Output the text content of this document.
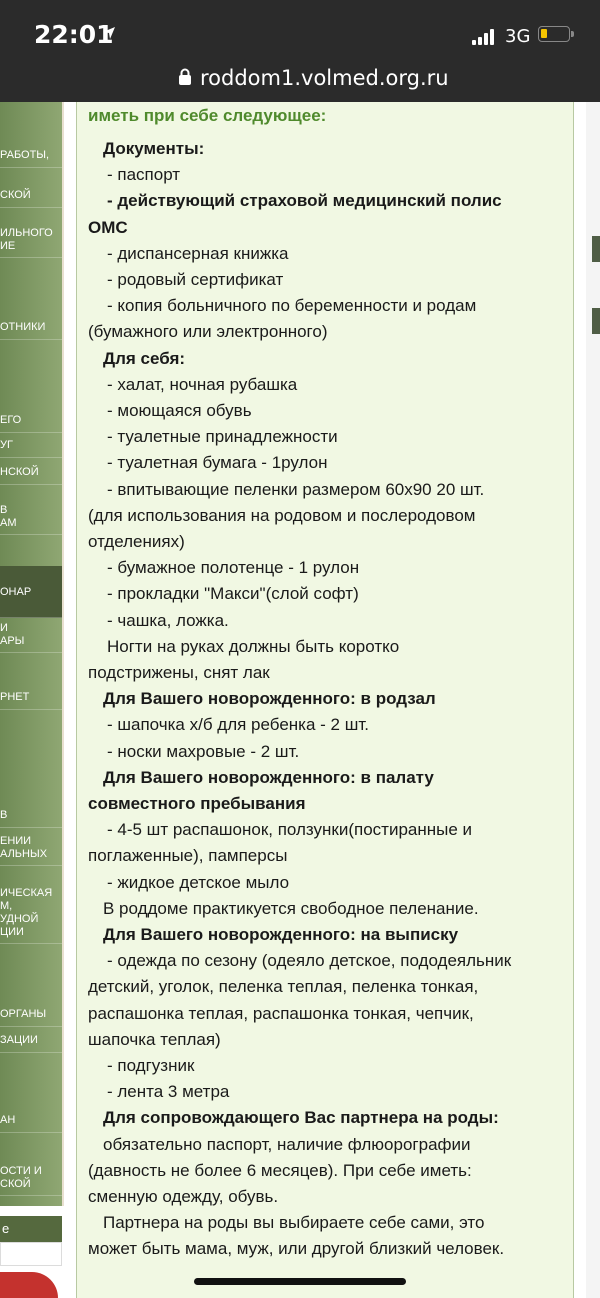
22:01	3G
roddom1.volmed.org.ru
РАБОТЫ,
СКОЙ
ИЛЬНОГО
ИЕ
ОТНИКИ
ЕГО
УГ
НСКОЙ
В
АМ
ОНАР
И
АРЫ
РНЕТ
В
ЕНИИ
АЛЬНЫХ
ИЧЕСКАЯ
М,
УДНОЙ
ЦИИ
ОРГАНЫ
ЗАЦИИ
АН
ОСТИ И
СКОЙ
е
иметь при себе следующее:
Документы:
- паспорт
- действующий страховой медицинский полис
ОМС
- диспансерная книжка
- родовый сертификат
- копия больничного по беременности и родам
(бумажного или электронного)
Для себя:
- халат, ночная рубашка
- моющаяся обувь
- туалетные принадлежности
- туалетная бумага - 1рулон
- впитывающие пеленки размером 60х90 20 шт.
(для использования на родовом и послеродовом
отделениях)
- бумажное полотенце - 1 рулон
- прокладки "Макси"(слой софт)
- чашка, ложка.
Ногти на руках должны быть коротко
подстрижены, снят лак
Для Вашего новорожденного: в родзал
- шапочка х/б для ребенка - 2 шт.
- носки махровые - 2 шт.
Для Вашего новорожденного: в палату
совместного пребывания
- 4-5 шт распашонок, ползунки(постиранные и
поглаженные), памперсы
- жидкое детское мыло
В роддоме практикуется свободное пеленание.
Для Вашего новорожденного: на выписку
- одежда по сезону (одеяло детское, пододеяльник
детский, уголок, пеленка теплая, пеленка тонкая,
распашонка теплая, распашонка тонкая, чепчик,
шапочка теплая)
- подгузник
- лента 3 метра
Для сопровождающего Вас партнера на роды:
обязательно паспорт, наличие флюорографии
(давность не более 6 месяцев). При себе иметь:
сменную одежду, обувь.
Партнера на роды вы выбираете себе сами, это
может быть мама, муж, или другой близкий человек.
